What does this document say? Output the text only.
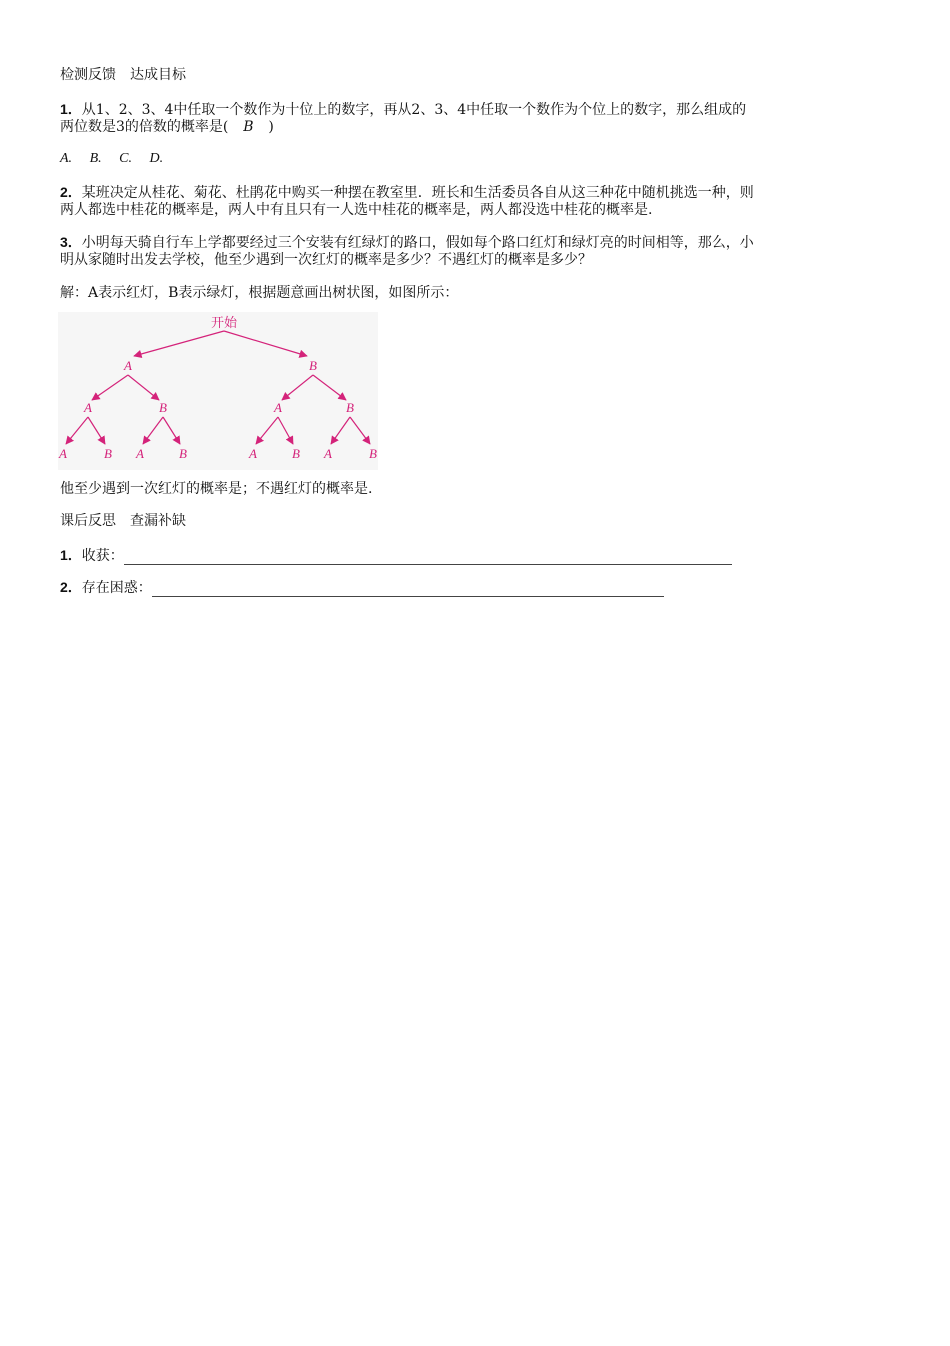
检测反馈　达成目标
1．从1、2、3、4中任取一个数作为十位上的数字，再从2、3、4中任取一个数作为个位上的数字，那么组成的
两位数是3的倍数的概率是( B )
A. B. C. D.
2．某班决定从桂花、菊花、杜鹃花中购买一种摆在教室里．班长和生活委员各自从这三种花中随机挑选一种，则
两人都选中桂花的概率是，两人中有且只有一人选中桂花的概率是，两人都没选中桂花的概率是.
3．小明每天骑自行车上学都要经过三个安装有红绿灯的路口，假如每个路口红灯和绿灯亮的时间相等，那么，小
明从家随时出发去学校，他至少遇到一次红灯的概率是多少？不遇红灯的概率是多少？
解：A表示红灯，B表示绿灯，根据题意画出树状图，如图所示：
开始
A	B
A	B	A	B
A	B A	B	A	B A	B
他至少遇到一次红灯的概率是；不遇红灯的概率是.
课后反思　查漏补缺
1．收获：
2．存在困惑：
